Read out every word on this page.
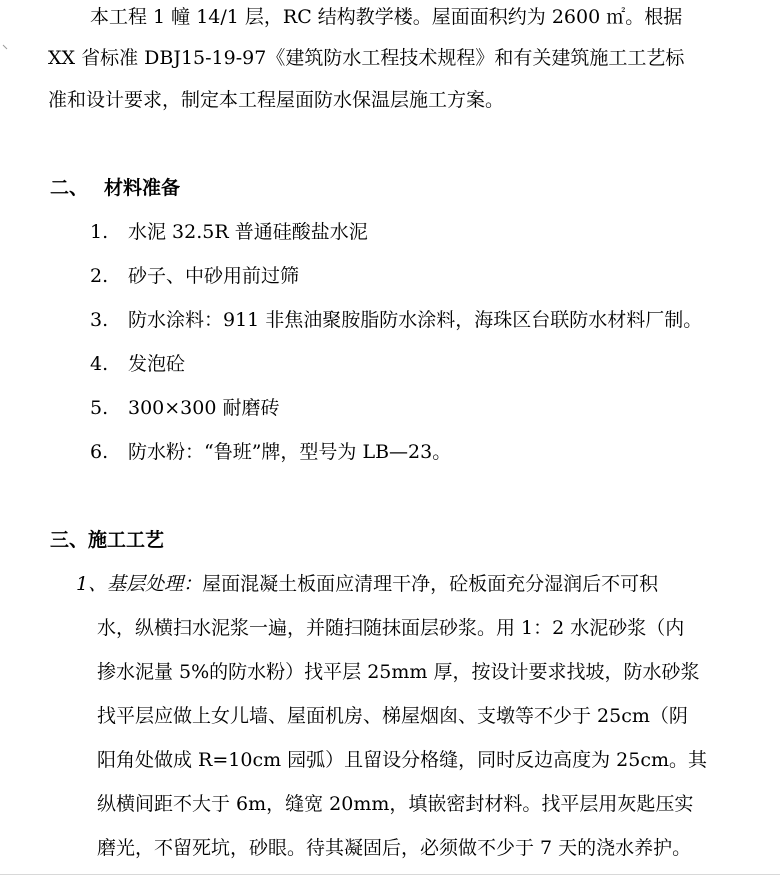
本工程 1 幢 14/1 层，RC 结构教学楼。屋面面积约为 2600 ㎡。根据
XX 省标准 DBJ15-19-97《建筑防水工程技术规程》和有关建筑施工工艺标
准和设计要求，制定本工程屋面防水保温层施工方案。
二、 材料准备
1. 水泥 32.5R 普通硅酸盐水泥
2. 砂子、中砂用前过筛
3. 防水涂料：911 非焦油聚胺脂防水涂料，海珠区台联防水材料厂制。
4. 发泡砼
5. 300×300 耐磨砖
6. 防水粉：“鲁班”牌，型号为 LB—23。
三、施工工艺
1、基层处理：屋面混凝土板面应清理干净，砼板面充分湿润后不可积
水，纵横扫水泥浆一遍，并随扫随抹面层砂浆。用 1：2 水泥砂浆（内
掺水泥量 5%的防水粉）找平层 25mm 厚，按设计要求找坡，防水砂浆
找平层应做上女儿墙、屋面机房、梯屋烟囱、支墩等不少于 25cm（阴
阳角处做成 R=10cm 园弧）且留设分格缝，同时反边高度为 25cm。其
纵横间距不大于 6m，缝宽 20mm，填嵌密封材料。找平层用灰匙压实
磨光，不留死坑，砂眼。待其凝固后，必须做不少于 7 天的浇水养护。
